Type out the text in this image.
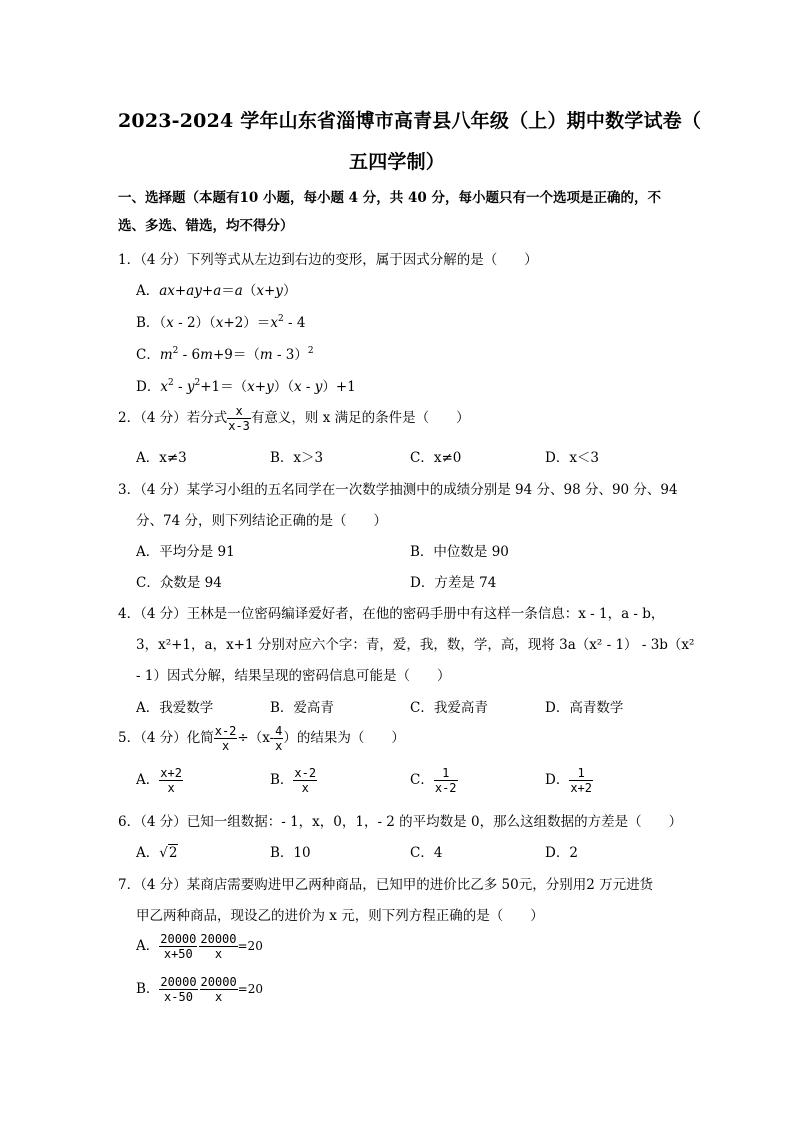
2023-2024 学年山东省淄博市高青县八年级（上）期中数学试卷（
五四学制）
一、选择题（本题有10 小题，每小题 4 分，共 40 分，每小题只有一个选项是正确的，不
选、多选、错选，均不得分）
1．（4 分）下列等式从左边到右边的变形，属于因式分解的是（　　）
A．ax+ay+a＝a（x+y）
B．$(x - 2)(x+2)=x^2 - 4$
C．$m^2 - 6m+9=(m - 3)^2$
D．$x^2 - y^2+1=(x+y)(x - y)+1$
2．（4 分）若分式 $\frac{x}{x-3}$ 有意义，则 x 满足的条件是（　　）
A．x≠3	B．x＞3	C．x≠0	D．x＜3
3．（4 分）某学习小组的五名同学在一次数学抽测中的成绩分别是 94 分、98 分、90 分、94
分、74 分，则下列结论正确的是（　　）
A．平均分是 91	B．中位数是 90
C．众数是 94	D．方差是 74
4．（4 分）王林是一位密码编译爱好者，在他的密码手册中有这样一条信息：x - 1，a - b，
3，x²+1，a，x+1 分别对应六个字：青，爱，我，数，学，高，现将 3a（x² - 1） - 3b（x²
- 1）因式分解，结果呈现的密码信息可能是（　　）
A．我爱数学	B．爱高青	C．我爱高青	D．高青数学
5．（4 分）化简 $\frac{x-2}{x} \div(x- \frac{4}{x}$ ）的结果为（　　）
A． $\frac{x+2}{x}$	B． $\frac{x-2}{x}$	C． $\frac{1}{x-2}$	D． $\frac{1}{x+2}$
6．（4 分）已知一组数据：- 1，x，0，1，- 2 的平均数是 0，那么这组数据的方差是（　　）
A．√2	B．10	C．4	D．2
7．（4 分）某商店需要购进甲乙两种商品，已知甲的进价比乙多 50元，分别用2 万元进货
甲乙两种商品，现设乙的进价为 x 元，则下列方程正确的是（　　）
A． $\frac{20000}{x+50} \frac{20000}{x} =20$
B． $\frac{20000}{x-50} \frac{20000}{x} =20$
